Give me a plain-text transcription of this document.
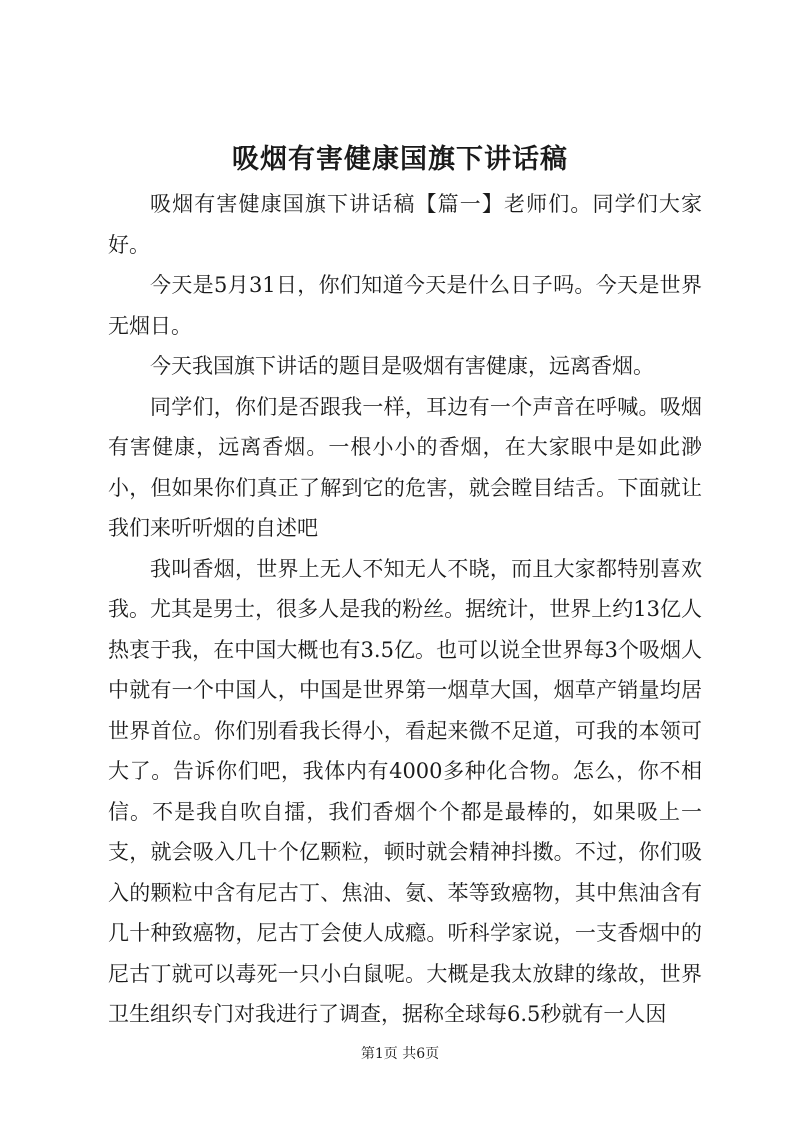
吸烟有害健康国旗下讲话稿

吸烟有害健康国旗下讲话稿【篇一】老师们。同学们大家好。

今天是5月31日，你们知道今天是什么日子吗。今天是世界无烟日。

今天我国旗下讲话的题目是吸烟有害健康，远离香烟。

同学们，你们是否跟我一样，耳边有一个声音在呼喊。吸烟有害健康，远离香烟。一根小小的香烟，在大家眼中是如此渺小，但如果你们真正了解到它的危害，就会瞠目结舌。下面就让我们来听听烟的自述吧

我叫香烟，世界上无人不知无人不晓，而且大家都特别喜欢我。尤其是男士，很多人是我的粉丝。据统计，世界上约13亿人热衷于我，在中国大概也有3.5亿。也可以说全世界每3个吸烟人中就有一个中国人，中国是世界第一烟草大国，烟草产销量均居世界首位。你们别看我长得小，看起来微不足道，可我的本领可大了。告诉你们吧，我体内有4000多种化合物。怎么，你不相信。不是我自吹自擂，我们香烟个个都是最棒的，如果吸上一支，就会吸入几十个亿颗粒，顿时就会精神抖擞。不过，你们吸入的颗粒中含有尼古丁、焦油、氨、苯等致癌物，其中焦油含有几十种致癌物，尼古丁会使人成瘾。听科学家说，一支香烟中的尼古丁就可以毒死一只小白鼠呢。大概是我太放肆的缘故，世界卫生组织专门对我进行了调查，据称全球每6.5秒就有一人因

第1页 共6页
